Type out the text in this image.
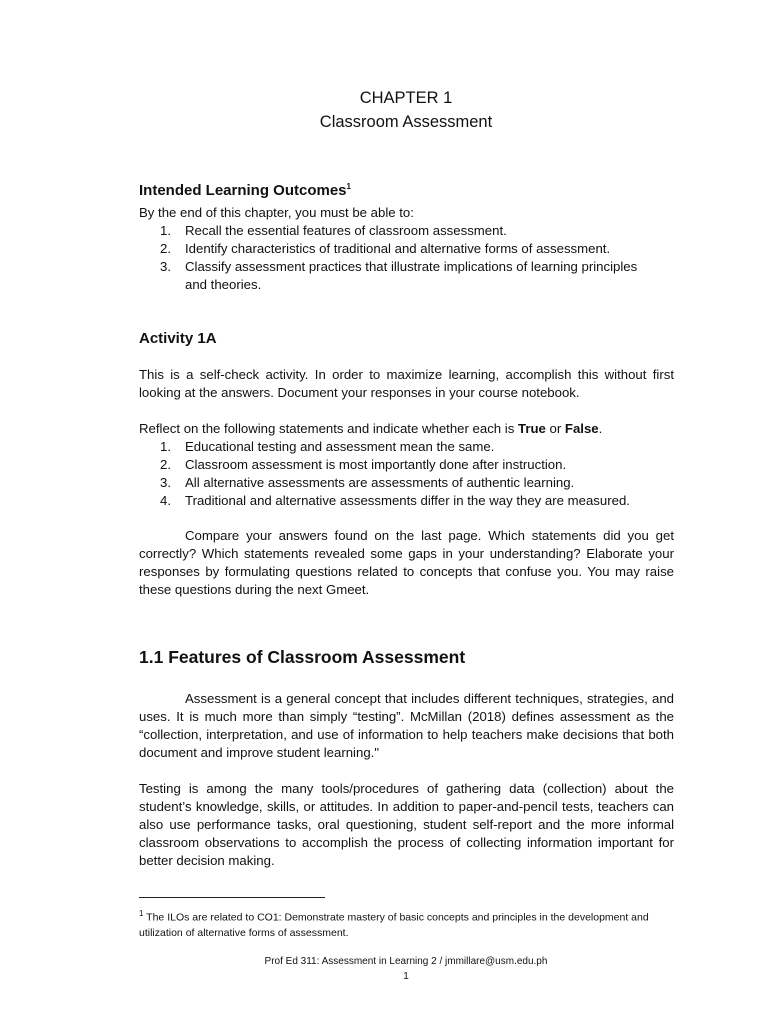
CHAPTER 1
Classroom Assessment
Intended Learning Outcomes$^1$
By the end of this chapter, you must be able to:
1. Recall the essential features of classroom assessment.
2. Identify characteristics of traditional and alternative forms of assessment.
3. Classify assessment practices that illustrate implications of learning principles and theories.
Activity 1A
This is a self-check activity. In order to maximize learning, accomplish this without first looking at the answers. Document your responses in your course notebook.
Reflect on the following statements and indicate whether each is True or False.
1. Educational testing and assessment mean the same.
2. Classroom assessment is most importantly done after instruction.
3. All alternative assessments are assessments of authentic learning.
4. Traditional and alternative assessments differ in the way they are measured.
Compare your answers found on the last page. Which statements did you get correctly? Which statements revealed some gaps in your understanding? Elaborate your responses by formulating questions related to concepts that confuse you. You may raise these questions during the next Gmeet.
1.1 Features of Classroom Assessment
Assessment is a general concept that includes different techniques, strategies, and uses. It is much more than simply “testing”. McMillan (2018) defines assessment as the “collection, interpretation, and use of information to help teachers make decisions that both document and improve student learning."
Testing is among the many tools/procedures of gathering data (collection) about the student’s knowledge, skills, or attitudes. In addition to paper-and-pencil tests, teachers can also use performance tasks, oral questioning, student self-report and the more informal classroom observations to accomplish the process of collecting information important for better decision making.
$^1$ The ILOs are related to CO1: Demonstrate mastery of basic concepts and principles in the development and utilization of alternative forms of assessment.
Prof Ed 311: Assessment in Learning 2 / jmmillare@usm.edu.ph
1
